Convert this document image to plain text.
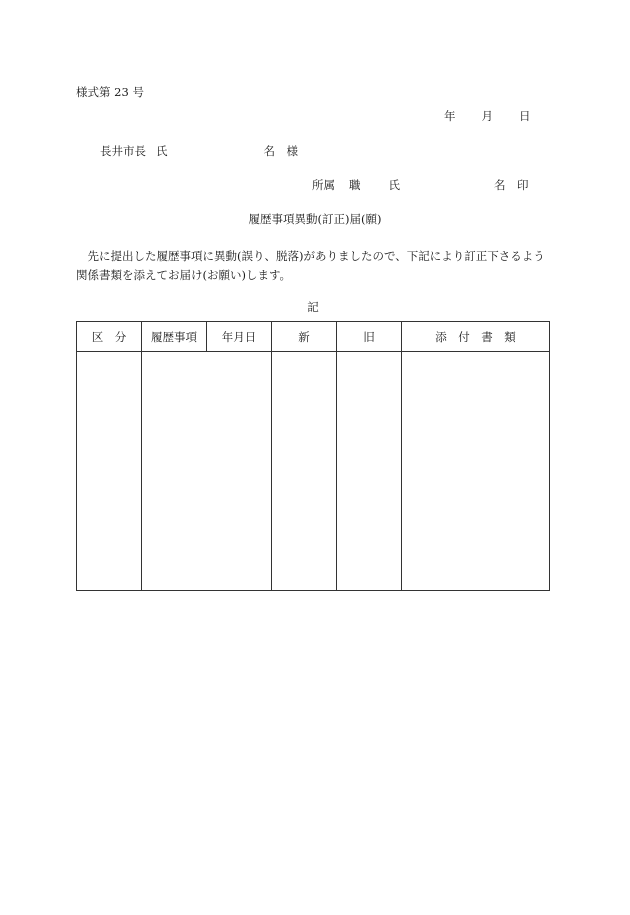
様式第 23 号
年 月 日
長井市長 氏	名　様
所属 職 氏	名　印
履歴事項異動(訂正)届(願)
先に提出した履歴事項に異動(誤り、脱落)がありましたので、下記により訂正下さるよう関係書類を添えてお届け(お願い)します。
記
区　分	履歴事項	年月日	新	旧	添　付　書　類
